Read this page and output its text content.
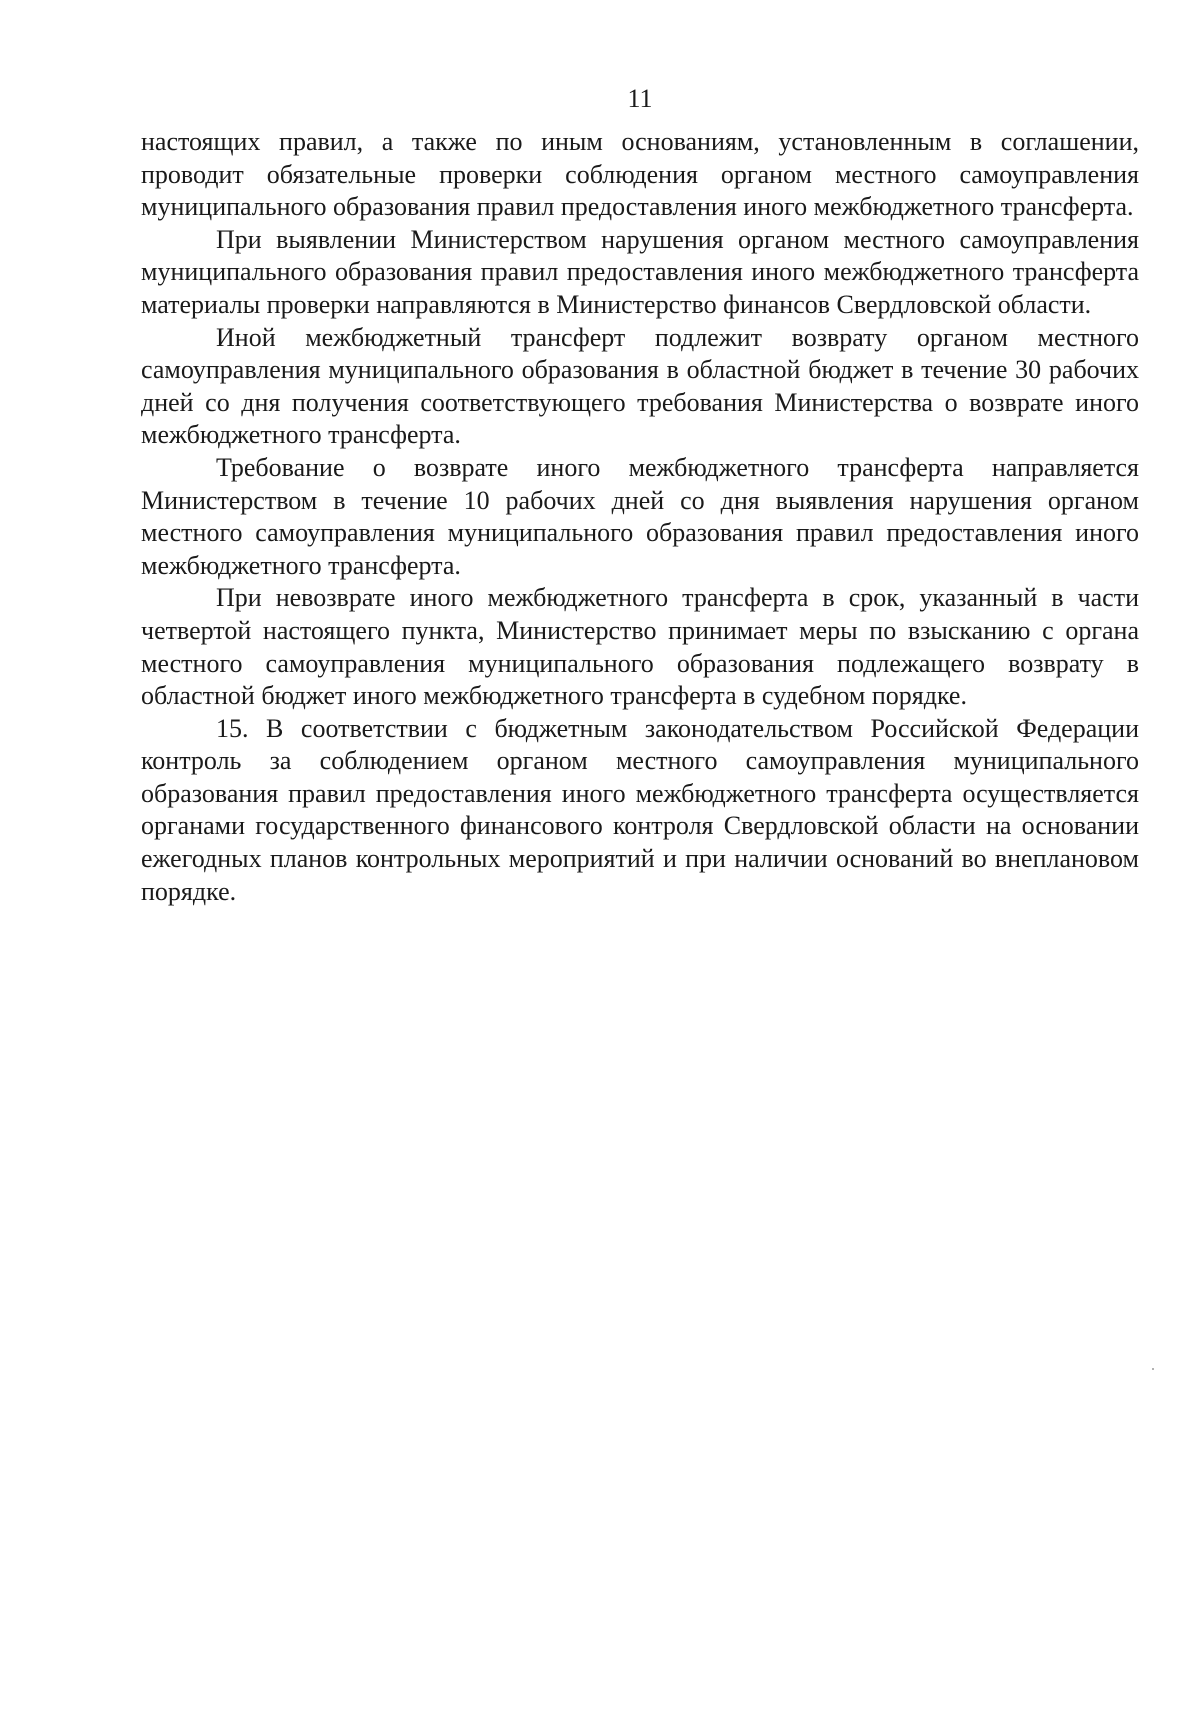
11

настоящих правил, а также по иным основаниям, установленным в соглашении, проводит обязательные проверки соблюдения органом местного самоуправления муниципального образования правил предоставления иного межбюджетного трансферта.

При выявлении Министерством нарушения органом местного самоуправления муниципального образования правил предоставления иного межбюджетного трансферта материалы проверки направляются в Министерство финансов Свердловской области.

Иной межбюджетный трансферт подлежит возврату органом местного самоуправления муниципального образования в областной бюджет в течение 30 рабочих дней со дня получения соответствующего требования Министерства о возврате иного межбюджетного трансферта.

Требование о возврате иного межбюджетного трансферта направляется Министерством в течение 10 рабочих дней со дня выявления нарушения органом местного самоуправления муниципального образования правил предоставления иного межбюджетного трансферта.

При невозврате иного межбюджетного трансферта в срок, указанный в части четвертой настоящего пункта, Министерство принимает меры по взысканию с органа местного самоуправления муниципального образования подлежащего возврату в областной бюджет иного межбюджетного трансферта в судебном порядке.

15. В соответствии с бюджетным законодательством Российской Федерации контроль за соблюдением органом местного самоуправления муниципального образования правил предоставления иного межбюджетного трансферта осуществляется органами государственного финансового контроля Свердловской области на основании ежегодных планов контрольных мероприятий и при наличии оснований во внеплановом порядке.
